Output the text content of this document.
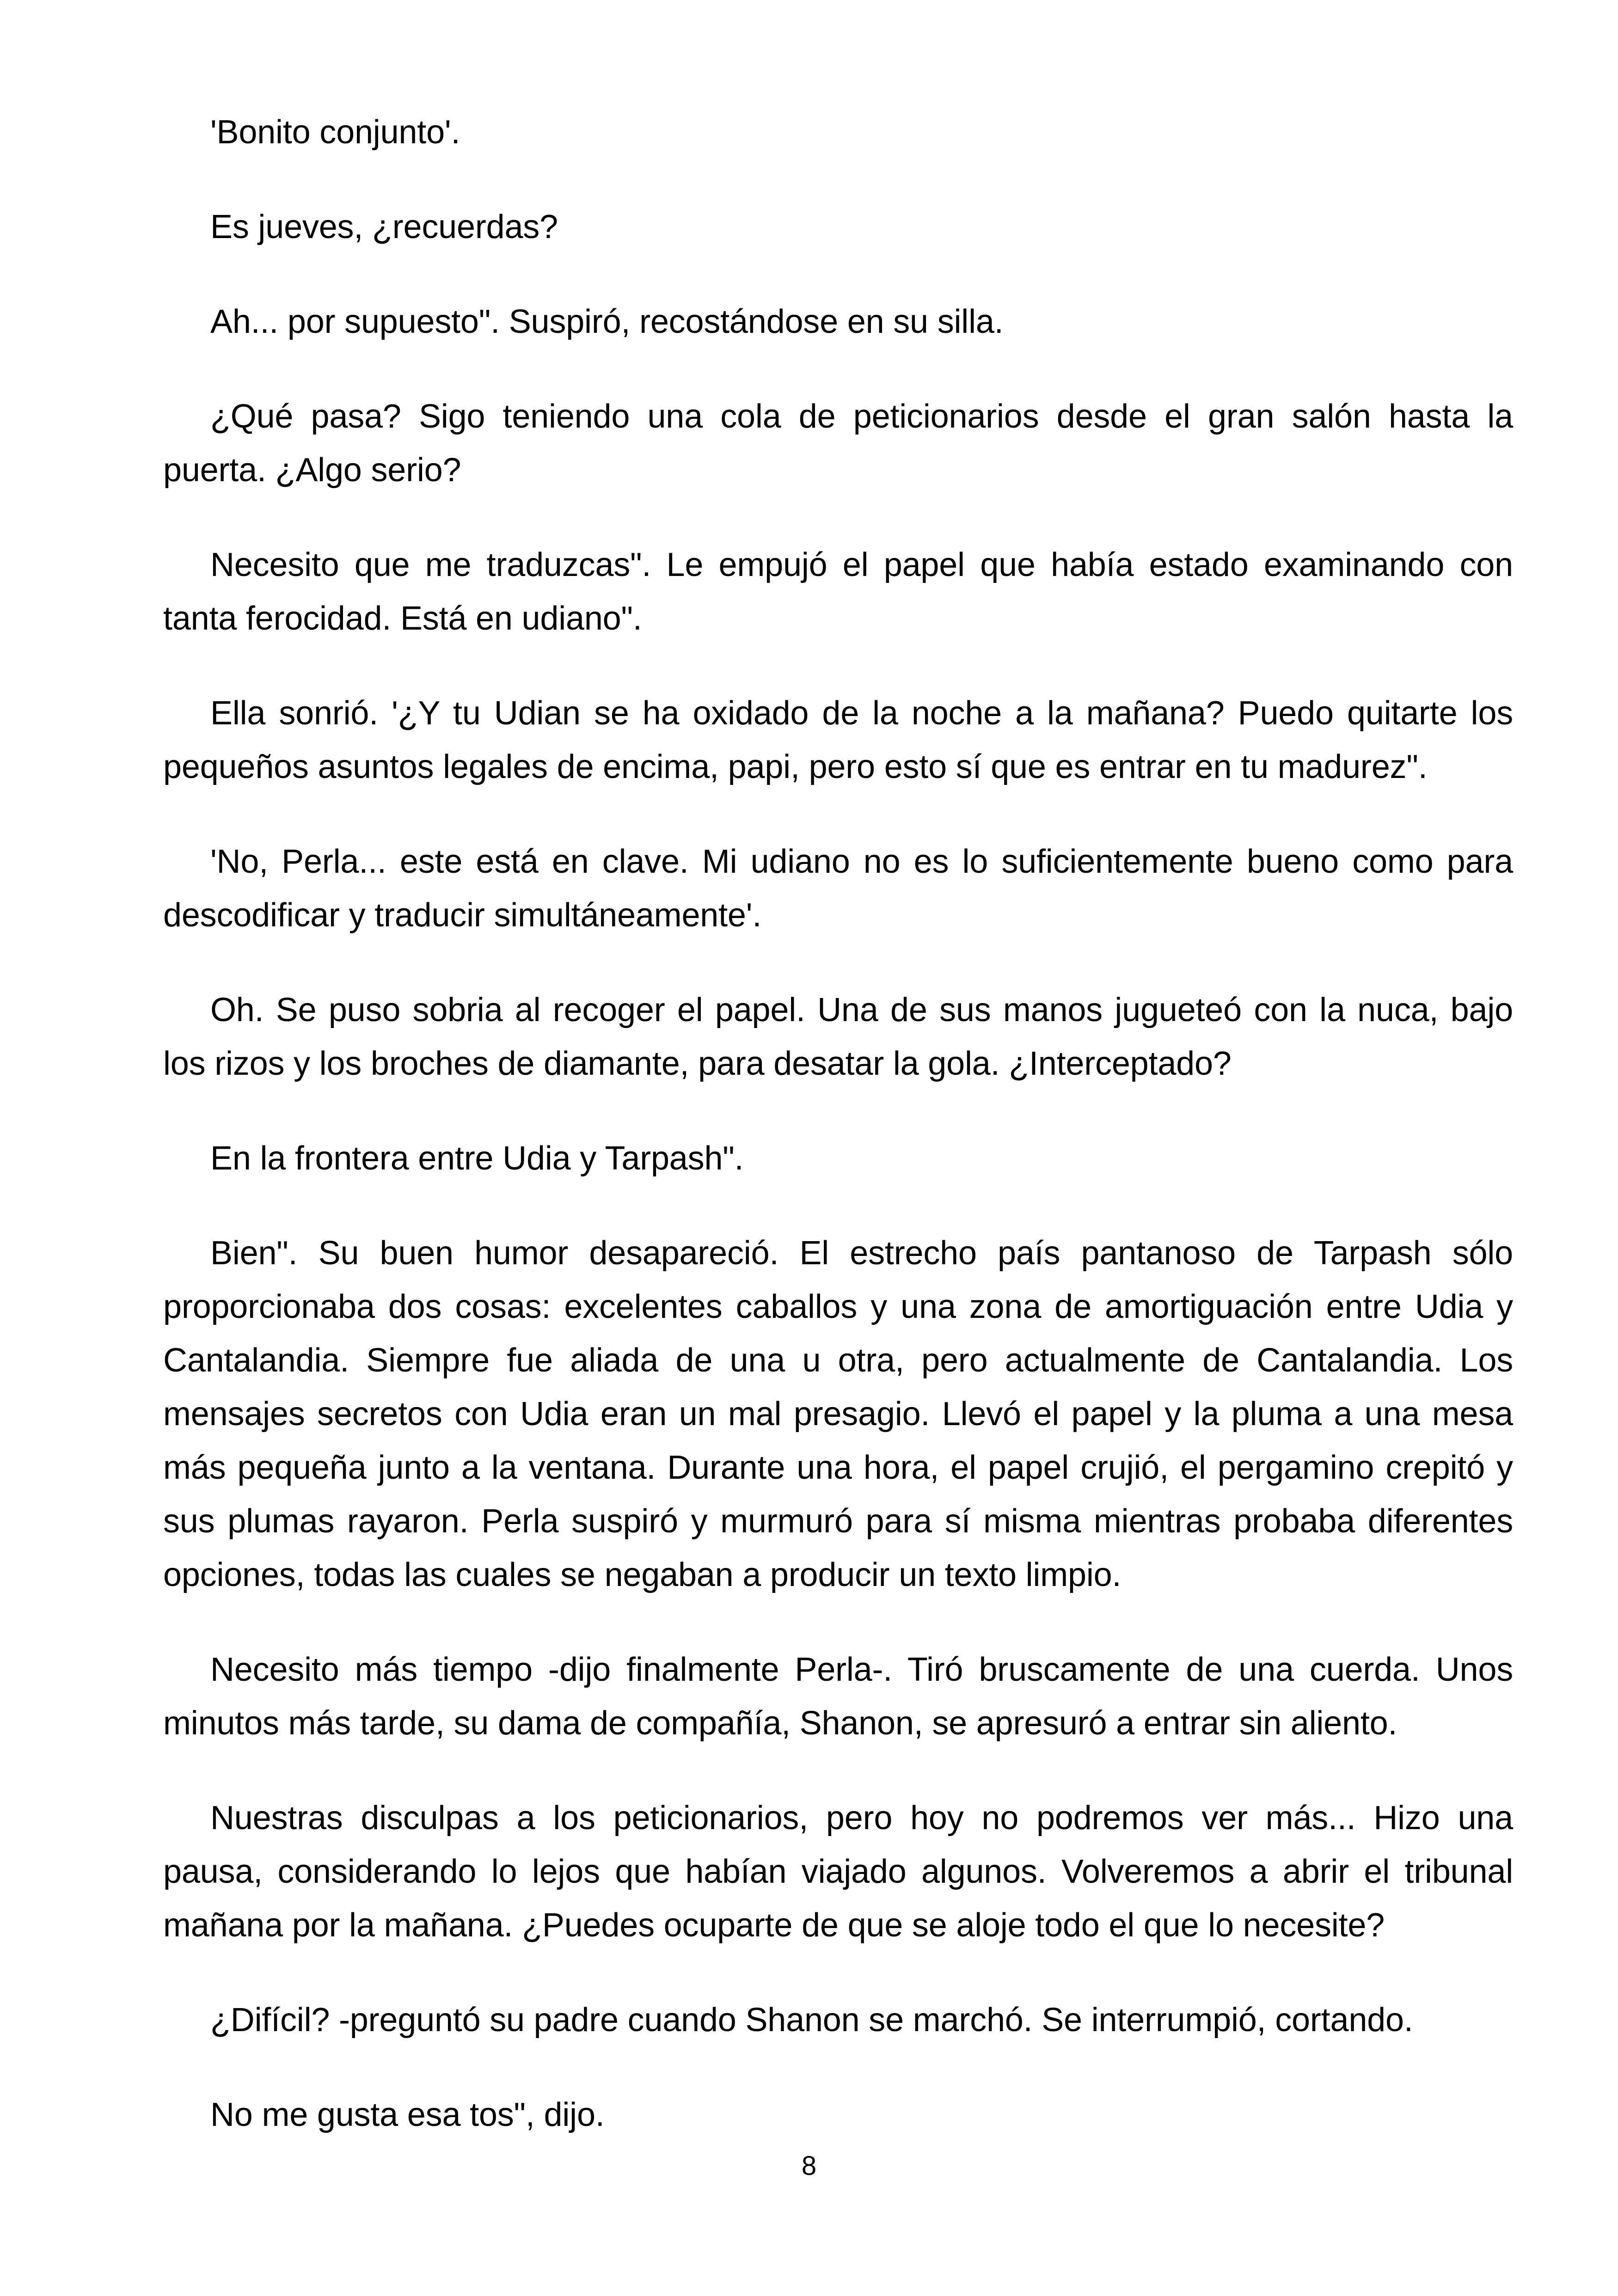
'Bonito conjunto'.

Es jueves, ¿recuerdas?

Ah... por supuesto". Suspiró, recostándose en su silla.

¿Qué pasa? Sigo teniendo una cola de peticionarios desde el gran salón hasta la puerta. ¿Algo serio?

Necesito que me traduzcas". Le empujó el papel que había estado examinando con tanta ferocidad. Está en udiano".

Ella sonrió. '¿Y tu Udian se ha oxidado de la noche a la mañana? Puedo quitarte los pequeños asuntos legales de encima, papi, pero esto sí que es entrar en tu madurez".

'No, Perla... este está en clave. Mi udiano no es lo suficientemente bueno como para descodificar y traducir simultáneamente'.

Oh. Se puso sobria al recoger el papel. Una de sus manos jugueteó con la nuca, bajo los rizos y los broches de diamante, para desatar la gola. ¿Interceptado?

En la frontera entre Udia y Tarpash".

Bien". Su buen humor desapareció. El estrecho país pantanoso de Tarpash sólo proporcionaba dos cosas: excelentes caballos y una zona de amortiguación entre Udia y Cantalandia. Siempre fue aliada de una u otra, pero actualmente de Cantalandia. Los mensajes secretos con Udia eran un mal presagio. Llevó el papel y la pluma a una mesa más pequeña junto a la ventana. Durante una hora, el papel crujió, el pergamino crepitó y sus plumas rayaron. Perla suspiró y murmuró para sí misma mientras probaba diferentes opciones, todas las cuales se negaban a producir un texto limpio.

Necesito más tiempo -dijo finalmente Perla-. Tiró bruscamente de una cuerda. Unos minutos más tarde, su dama de compañía, Shanon, se apresuró a entrar sin aliento.

Nuestras disculpas a los peticionarios, pero hoy no podremos ver más... Hizo una pausa, considerando lo lejos que habían viajado algunos. Volveremos a abrir el tribunal mañana por la mañana. ¿Puedes ocuparte de que se aloje todo el que lo necesite?

¿Difícil? -preguntó su padre cuando Shanon se marchó. Se interrumpió, cortando.

No me gusta esa tos", dijo.

8
